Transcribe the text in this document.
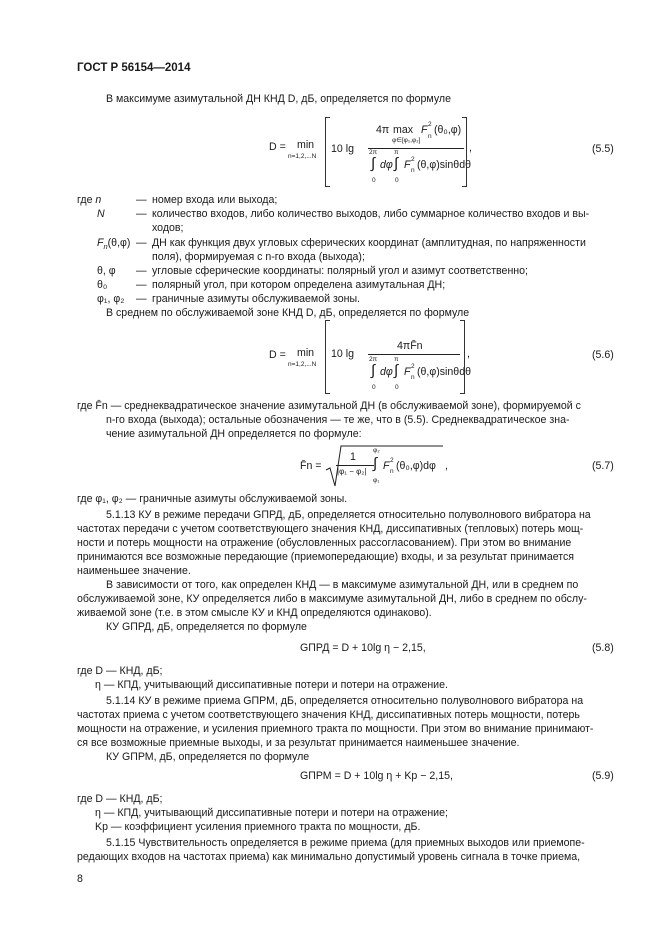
ГОСТ Р 56154—2014
В максимуме азимутальной ДН КНД D, дБ, определяется по формуле
D = min
n=1,2,...N
10 lg
4π max
φ∈[φ₁,φ₂]
F 2
n
(θ₀,φ)
2π
∫
0
dφ
π
∫
0
F 2
n (θ,φ)sinθdθ
,	(5.5)
где n	— номер входа или выхода;
N	— количество входов, либо количество выходов, либо суммарное количество входов и вы-
ходов;
$F_n(\theta,\varphi)$ — ДН как функция двух угловых сферических координат (амплитудная, по напряженности
поля), формируемая с n-го входа (выхода);
θ, φ — угловые сферические координаты: полярный угол и азимут соответственно;
θ₀	— полярный угол, при котором определена азимутальная ДН;
φ₁, φ₂ — граничные азимуты обслуживаемой зоны.
В среднем по обслуживаемой зоне КНД D, дБ, определяется по формуле
D = min
n=1,2,...N
10 lg
4πF̄n
2π
∫
0
dφ
π
∫
0
F 2
n (θ,φ)sinθdθ
,	(5.6)
где F̄n — среднеквадратическое значение азимутальной ДН (в обслуживаемой зоне), формируемой с
n-го входа (выхода); остальные обозначения — те же, что в (5.5). Среднеквадратическое зна-
чение азимутальной ДН определяется по формуле:
F̄n =
1
|φ₁ − φ₂|
φ₂
∫
φ₁
F 2
n (θ₀,φ)dφ ,	(5.7)
где φ₁, φ₂ — граничные азимуты обслуживаемой зоны.
5.1.13 КУ в режиме передачи GПРД, дБ, определяется относительно полуволнового вибратора на
частотах передачи с учетом соответствующего значения КНД, диссипативных (тепловых) потерь мощ-
ности и потерь мощности на отражение (обусловленных рассогласованием). При этом во внимание
принимаются все возможные передающие (приемопередающие) входы, и за результат принимается
наименьшее значение.
В зависимости от того, как определен КНД — в максимуме азимутальной ДН, или в среднем по
обслуживаемой зоне, КУ определяется либо в максимуме азимутальной ДН, либо в среднем по обслу-
живаемой зоне (т.е. в этом смысле КУ и КНД определяются одинаково).
КУ GПРД, дБ, определяется по формуле
GПРД = D + 10lg η − 2,15,	(5.8)
где D — КНД, дБ;
η — КПД, учитывающий диссипативные потери и потери на отражение.
5.1.14 КУ в режиме приема GПРМ, дБ, определяется относительно полуволнового вибратора на
частотах приема с учетом соответствующего значения КНД, диссипативных потерь мощности, потерь
мощности на отражение, и усиления приемного тракта по мощности. При этом во внимание принимают-
ся все возможные приемные выходы, и за результат принимается наименьшее значение.
КУ GПРМ, дБ, определяется по формуле
GПРМ = D + 10lg η + Kp − 2,15,	(5.9)
где D — КНД, дБ;
η — КПД, учитывающий диссипативные потери и потери на отражение;
Kp — коэффициент усиления приемного тракта по мощности, дБ.
5.1.15 Чувствительность определяется в режиме приема (для приемных выходов или приемопе-
редающих входов на частотах приема) как минимально допустимый уровень сигнала в точке приема,
8
